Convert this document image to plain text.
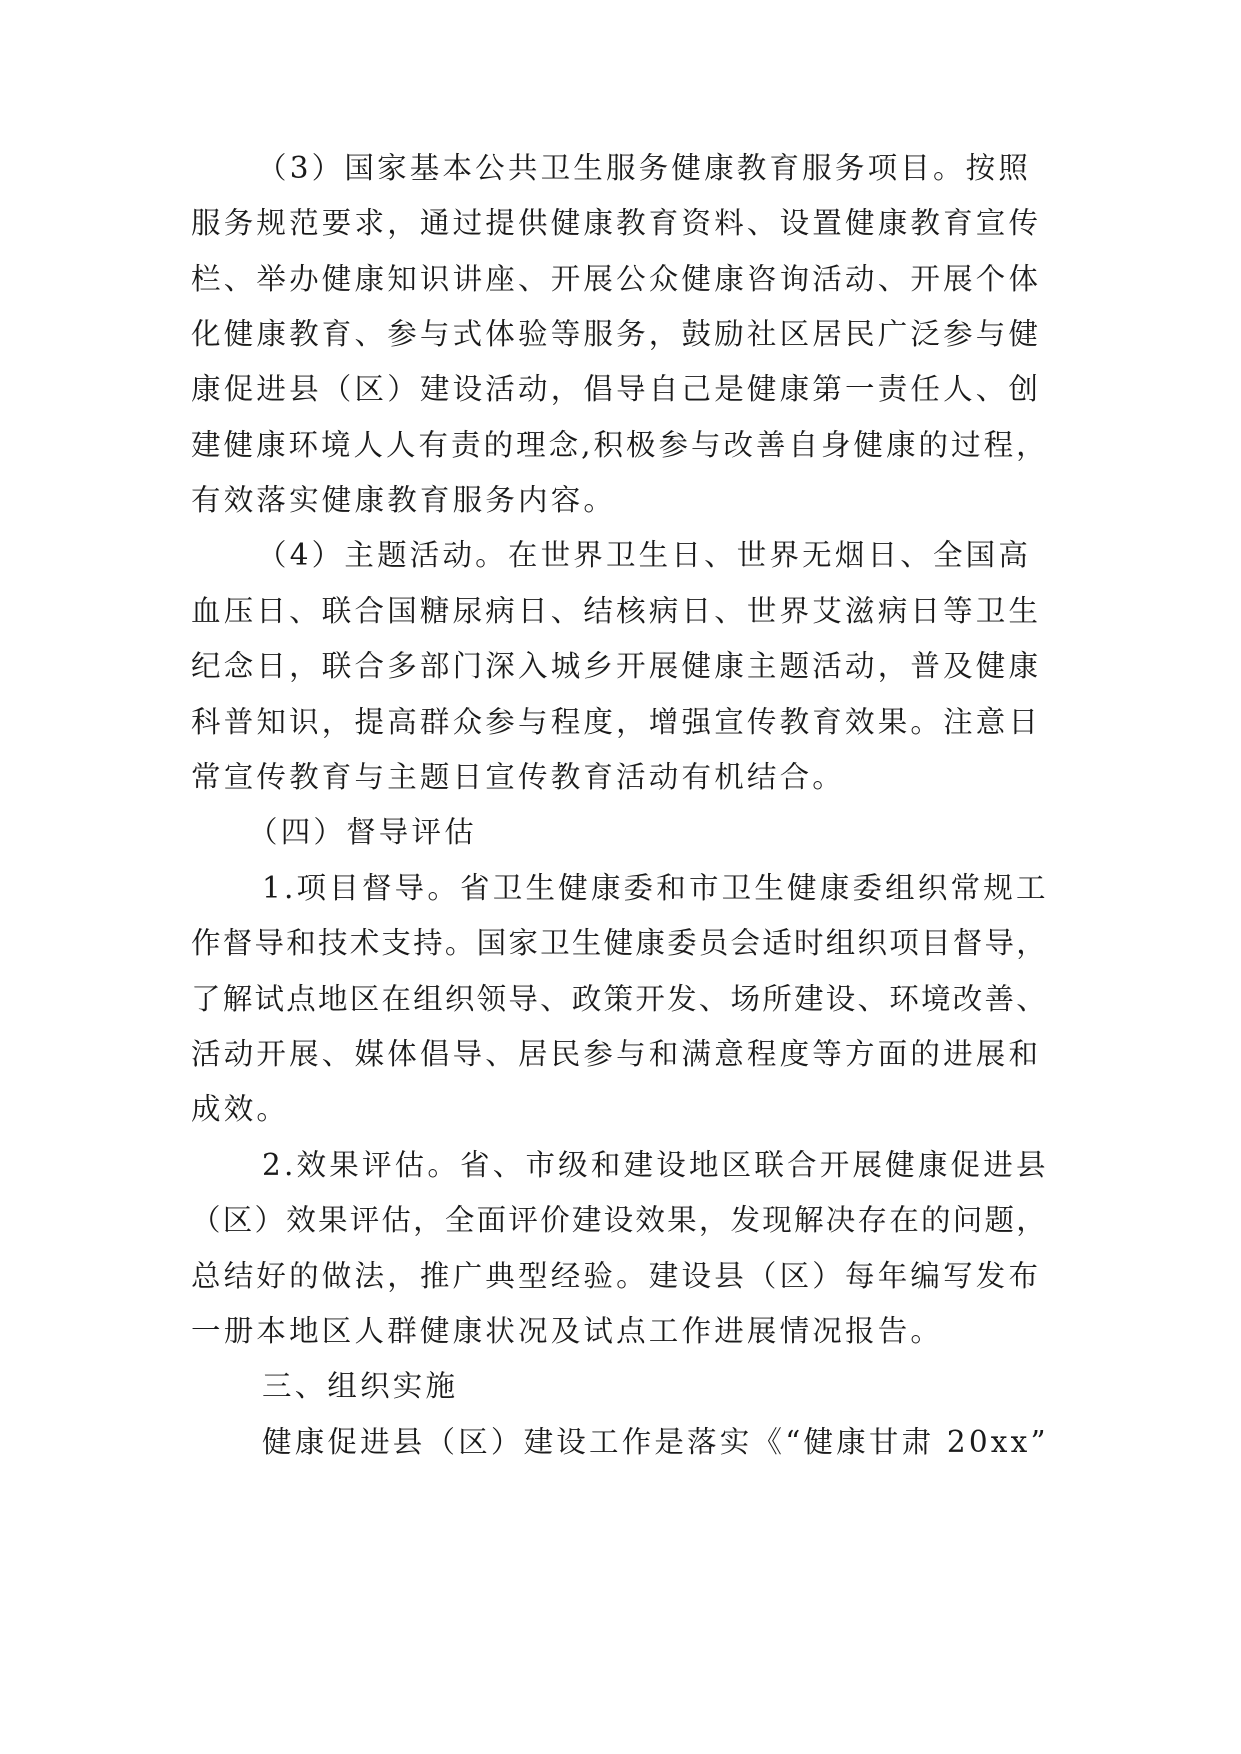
（3）国家基本公共卫生服务健康教育服务项目。按照
服务规范要求，通过提供健康教育资料、设置健康教育宣传
栏、举办健康知识讲座、开展公众健康咨询活动、开展个体
化健康教育、参与式体验等服务，鼓励社区居民广泛参与健
康促进县（区）建设活动，倡导自己是健康第一责任人、创
建健康环境人人有责的理念,积极参与改善自身健康的过程，
有效落实健康教育服务内容。
（4）主题活动。在世界卫生日、世界无烟日、全国高
血压日、联合国糖尿病日、结核病日、世界艾滋病日等卫生
纪念日，联合多部门深入城乡开展健康主题活动，普及健康
科普知识，提高群众参与程度，增强宣传教育效果。注意日
常宣传教育与主题日宣传教育活动有机结合。
（四）督导评估
1.项目督导。省卫生健康委和市卫生健康委组织常规工
作督导和技术支持。国家卫生健康委员会适时组织项目督导，
了解试点地区在组织领导、政策开发、场所建设、环境改善、
活动开展、媒体倡导、居民参与和满意程度等方面的进展和
成效。
2.效果评估。省、市级和建设地区联合开展健康促进县
（区）效果评估，全面评价建设效果，发现解决存在的问题，
总结好的做法，推广典型经验。建设县（区）每年编写发布
一册本地区人群健康状况及试点工作进展情况报告。
三、组织实施
健康促进县（区）建设工作是落实《“健康甘肃 20xx”
